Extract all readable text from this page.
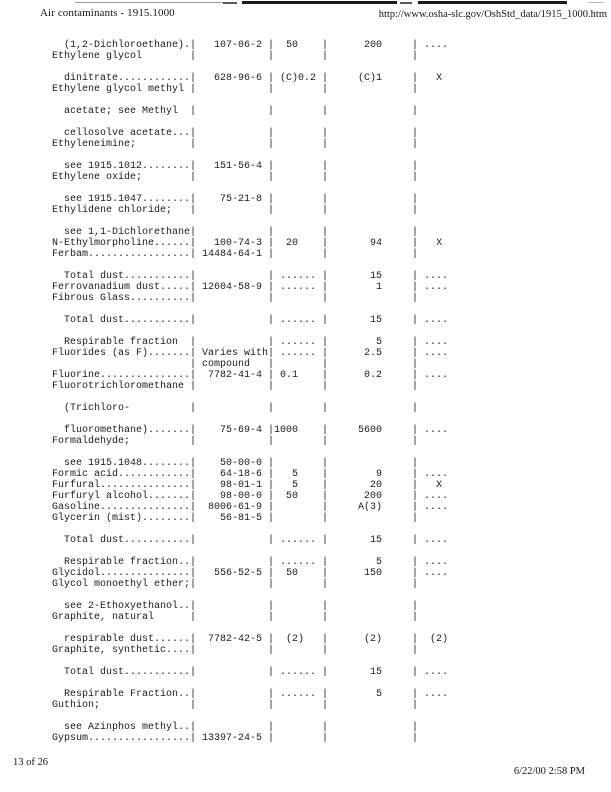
Air contaminants - 1915.1000	http://www.osha-slc.gov/OshStd_data/1915_1000.htm
(1,2-Dichloroethane).|   107-06-2 |  50    |      200     | ....
Ethylene glycol        |            |        |              |
dinitrate............|   628-96-6 | (C)0.2 |     (C)1     |   X
Ethylene glycol methyl |            |        |              |
acetate; see Methyl  |            |        |              |
cellosolve acetate...|            |        |              |
Ethyleneimine;         |            |        |              |
see 1915.1012........|   151-56-4 |        |              |
Ethylene oxide;        |            |        |              |
see 1915.1047........|    75-21-8 |        |              |
Ethylidene chloride;   |            |        |              |
see 1,1-Dichlorethane|            |        |              |
N-Ethylmorpholine......|   100-74-3 |  20    |       94     |   X
Ferbam.................| 14484-64-1 |        |              |
Total dust...........|            | ...... |       15     | ....
Ferrovanadium dust.....| 12604-58-9 | ...... |        1     | ....
Fibrous Glass..........|            |        |              |
Total dust...........|            | ...... |       15     | ....
Respirable fraction  |            | ...... |        5     | ....
Fluorides (as F).......| Varies with| ...... |      2.5     | ....
| compound   |        |              |
Fluorine...............|  7782-41-4 | 0.1    |      0.2     | ....
Fluorotrichloromethane |            |        |              |
(Trichloro-          |            |        |              |
fluoromethane).......|    75-69-4 |1000    |     5600     | ....
Formaldehyde;          |            |        |              |
see 1915.1048........|    50-00-0 |        |              |
Formic acid............|    64-18-6 |   5    |        9     | ....
Furfural...............|    98-01-1 |   5    |       20     |   X
Furfuryl alcohol.......|    98-00-0 |  50    |      200     | ....
Gasoline...............|  8006-61-9 |        |     A(3)     | ....
Glycerin (mist)........|    56-81-5 |        |              |
Total dust...........|            | ...... |       15     | ....
Respirable fraction..|            | ...... |        5     | ....
Glycidol...............|   556-52-5 |  50    |      150     | ....
Glycol monoethyl ether;|            |        |              |
see 2-Ethoxyethanol..|            |        |              |
Graphite, natural      |            |        |              |
respirable dust......|  7782-42-5 |  (2)   |      (2)     |  (2)
Graphite, synthetic....|            |        |              |
Total dust...........|            | ...... |       15     | ....
Respirable Fraction..|            | ...... |        5     | ....
Guthion;               |            |        |              |
see Azinphos methyl..|            |        |              |
Gypsum.................| 13397-24-5 |        |              |
13 of 26
6/22/00 2:58 PM
